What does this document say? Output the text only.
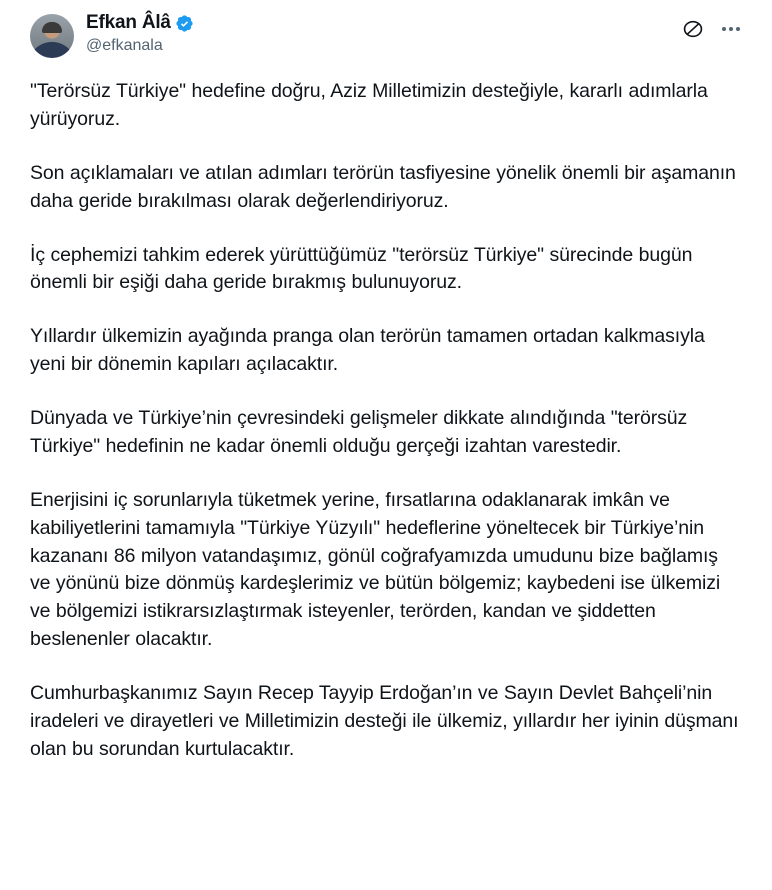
Efkan Âlâ
@efkanala

"Terörsüz Türkiye" hedefine doğru, Aziz Milletimizin desteğiyle, kararlı adımlarla yürüyoruz.

Son açıklamaları ve atılan adımları terörün tasfiyesine yönelik önemli bir aşamanın daha geride bırakılması olarak değerlendiriyoruz.

İç cephemizi tahkim ederek yürüttüğümüz "terörsüz Türkiye" sürecinde bugün önemli bir eşiği daha geride bırakmış bulunuyoruz.

Yıllardır ülkemizin ayağında pranga olan terörün tamamen ortadan kalkmasıyla yeni bir dönemin kapıları açılacaktır.

Dünyada ve Türkiye’nin çevresindeki gelişmeler dikkate alındığında "terörsüz Türkiye" hedefinin ne kadar önemli olduğu gerçeği izahtan varestedir.

Enerjisini iç sorunlarıyla tüketmek yerine, fırsatlarına odaklanarak imkân ve kabiliyetlerini tamamıyla "Türkiye Yüzyılı" hedeflerine yöneltecek bir Türkiye’nin kazananı 86 milyon vatandaşımız, gönül coğrafyamızda umudunu bize bağlamış ve yönünü bize dönmüş kardeşlerimiz ve bütün bölgemiz; kaybedeni ise ülkemizi ve bölgemizi istikrarsızlaştırmak isteyenler, terörden, kandan ve şiddetten beslenenler olacaktır.

Cumhurbaşkanımız Sayın Recep Tayyip Erdoğan’ın ve Sayın Devlet Bahçeli’nin iradeleri ve dirayetleri ve Milletimizin desteği ile ülkemiz, yıllardır her iyinin düşmanı olan bu sorundan kurtulacaktır.
